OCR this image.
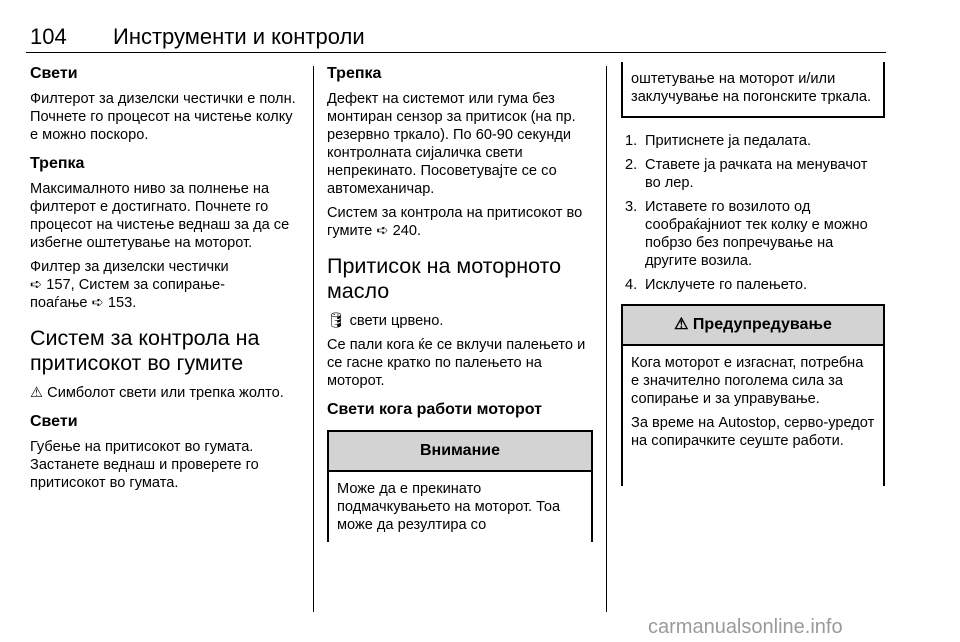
104 Инструменти и контроли
Свети

Филтерот за дизелски честички е полн. Почнете го процесот на чистење колку е можно поскоро.

Трепка

Максималното ниво за полнење на филтерот е достигнато. Почнете го процесот на чистење веднаш за да се избегне оштетување на моторот.

Филтер за дизелски честички
➪ 157, Систем за сопирање-
поаѓање ➪ 153.

Систем за контрола на притисокот во гумите

⚠ Симболот свети или трепка жолто.

Свети

Губење на притисокот во гумата. Застанете веднаш и проверете го притисокот во гумата.

Трепка

Дефект на системот или гума без монтиран сензор за притисок (на пр. резервно тркало). По 60-90 секунди контролната сијаличка свети непрекинато. Посоветувајте се со автомеханичар.

Систем за контрола на притисокот во гумите ➪ 240.

Притисок на моторното масло

🛢 свети црвено.

Се пали кога ќе се вклучи палењето и се гасне кратко по палењето на моторот.

Свети кога работи моторот
Внимание
Може да е прекинато подмачкувањето на моторот. Тоа може да резултира со
оштетување на моторот и/или заклучување на погонските тркала.
1. Притиснете ја педалата.
2. Ставете ја рачката на менувачот во лер.
3. Иставете го возилото од сообраќајниот тек колку е можно побрзо без попречување на другите возила.
4. Исклучете го палењето.
⚠ Предупредување

Кога моторот е изгаснат, потребна е значително поголема сила за сопирање и за управување.

За време на Autostop, серво-уредот на сопирачките сеуште работи.

carmanualsonline.info
